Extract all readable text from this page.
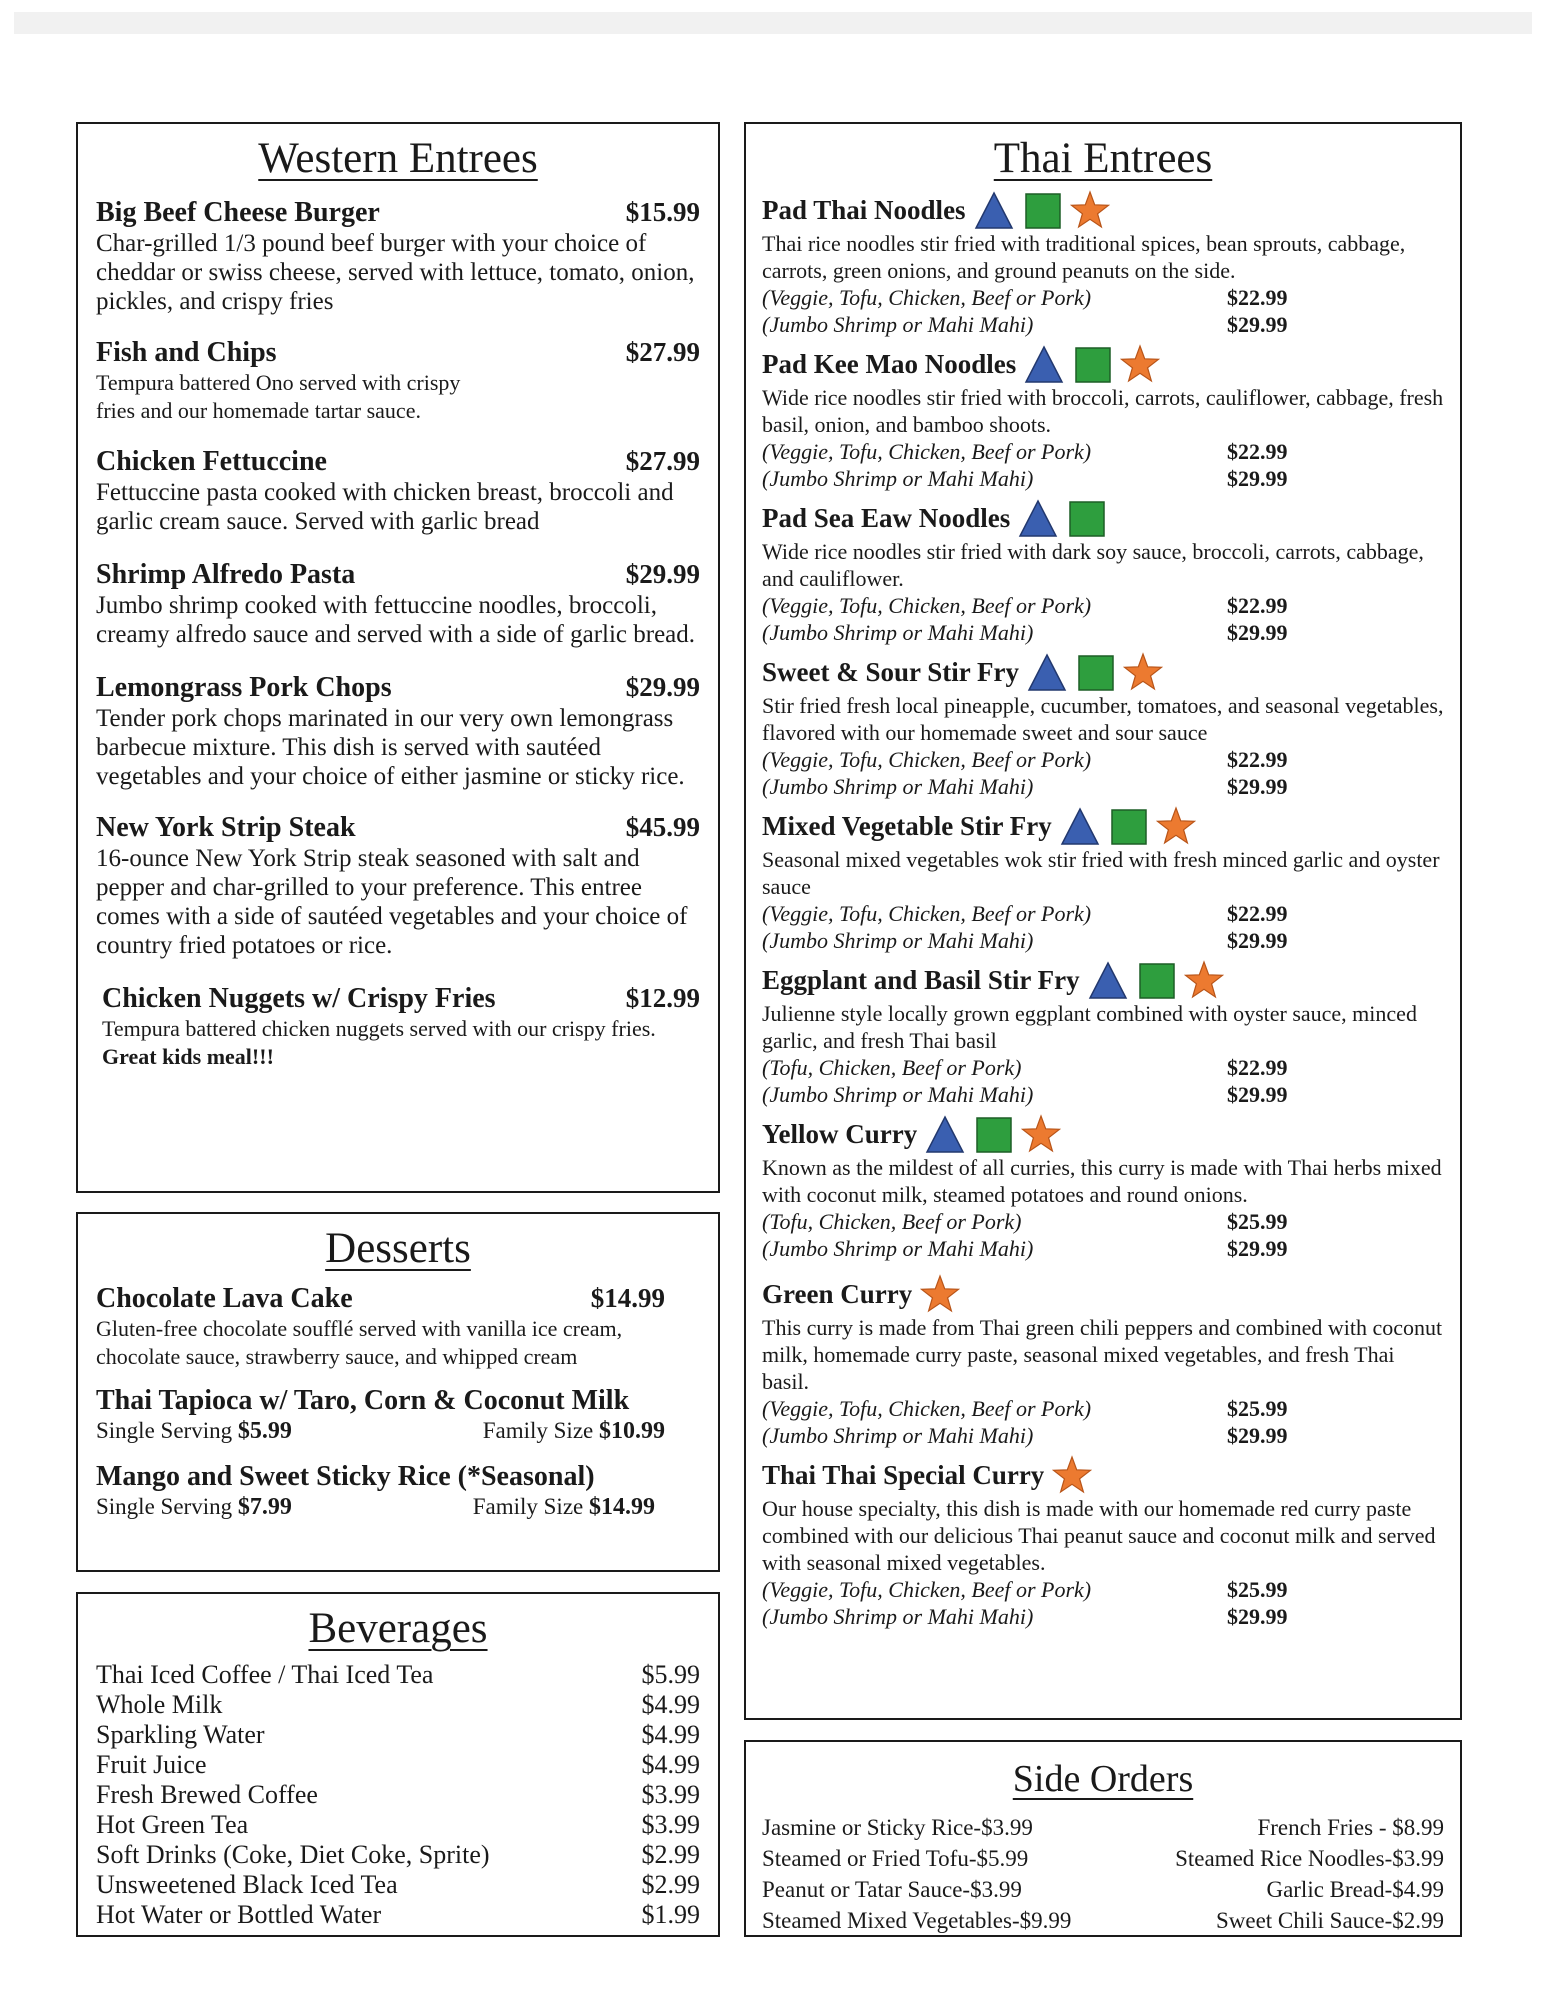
Western Entrees
Big Beef Cheese Burger	$15.99
Char-grilled 1/3 pound beef burger with your choice of cheddar or swiss cheese, served with lettuce, tomato, onion, pickles, and crispy fries
Fish and Chips	$27.99
Tempura battered Ono served with crispy fries and our homemade tartar sauce.
Chicken Fettuccine	$27.99
Fettuccine pasta cooked with chicken breast, broccoli and garlic cream sauce. Served with garlic bread
Shrimp Alfredo Pasta	$29.99
Jumbo shrimp cooked with fettuccine noodles, broccoli, creamy alfredo sauce and served with a side of garlic bread.
Lemongrass Pork Chops	$29.99
Tender pork chops marinated in our very own lemongrass barbecue mixture. This dish is served with sautéed vegetables and your choice of either jasmine or sticky rice.
New York Strip Steak	$45.99
16-ounce New York Strip steak seasoned with salt and pepper and char-grilled to your preference. This entree comes with a side of sautéed vegetables and your choice of country fried potatoes or rice.
Chicken Nuggets w/ Crispy Fries	$12.99
Tempura battered chicken nuggets served with our crispy fries. Great kids meal!!!
Desserts
Chocolate Lava Cake	$14.99
Gluten-free chocolate soufflé served with vanilla ice cream, chocolate sauce, strawberry sauce, and whipped cream
Thai Tapioca w/ Taro, Corn & Coconut Milk
Single Serving $5.99	Family Size $10.99
Mango and Sweet Sticky Rice (*Seasonal)
Single Serving $7.99	Family Size $14.99
Beverages
Thai Iced Coffee / Thai Iced Tea	$5.99
Whole Milk	$4.99
Sparkling Water	$4.99
Fruit Juice	$4.99
Fresh Brewed Coffee	$3.99
Hot Green Tea	$3.99
Soft Drinks (Coke, Diet Coke, Sprite)	$2.99
Unsweetened Black Iced Tea	$2.99
Hot Water or Bottled Water	$1.99
Thai Entrees
Pad Thai Noodles
Thai rice noodles stir fried with traditional spices, bean sprouts, cabbage, carrots, green onions, and ground peanuts on the side.
(Veggie, Tofu, Chicken, Beef or Pork)	$22.99
(Jumbo Shrimp or Mahi Mahi)	$29.99
Pad Kee Mao Noodles
Wide rice noodles stir fried with broccoli, carrots, cauliflower, cabbage, fresh basil, onion, and bamboo shoots.
(Veggie, Tofu, Chicken, Beef or Pork)	$22.99
(Jumbo Shrimp or Mahi Mahi)	$29.99
Pad Sea Eaw Noodles
Wide rice noodles stir fried with dark soy sauce, broccoli, carrots, cabbage, and cauliflower.
(Veggie, Tofu, Chicken, Beef or Pork)	$22.99
(Jumbo Shrimp or Mahi Mahi)	$29.99
Sweet & Sour Stir Fry
Stir fried fresh local pineapple, cucumber, tomatoes, and seasonal vegetables, flavored with our homemade sweet and sour sauce
(Veggie, Tofu, Chicken, Beef or Pork)	$22.99
(Jumbo Shrimp or Mahi Mahi)	$29.99
Mixed Vegetable Stir Fry
Seasonal mixed vegetables wok stir fried with fresh minced garlic and oyster sauce
(Veggie, Tofu, Chicken, Beef or Pork)	$22.99
(Jumbo Shrimp or Mahi Mahi)	$29.99
Eggplant and Basil Stir Fry
Julienne style locally grown eggplant combined with oyster sauce, minced garlic, and fresh Thai basil
(Tofu, Chicken, Beef or Pork)	$22.99
(Jumbo Shrimp or Mahi Mahi)	$29.99
Yellow Curry
Known as the mildest of all curries, this curry is made with Thai herbs mixed with coconut milk, steamed potatoes and round onions.
(Tofu, Chicken, Beef or Pork)	$25.99
(Jumbo Shrimp or Mahi Mahi)	$29.99
Green Curry
This curry is made from Thai green chili peppers and combined with coconut milk, homemade curry paste, seasonal mixed vegetables, and fresh Thai basil.
(Veggie, Tofu, Chicken, Beef or Pork)	$25.99
(Jumbo Shrimp or Mahi Mahi)	$29.99
Thai Thai Special Curry
Our house specialty, this dish is made with our homemade red curry paste combined with our delicious Thai peanut sauce and coconut milk and served with seasonal mixed vegetables.
(Veggie, Tofu, Chicken, Beef or Pork)	$25.99
(Jumbo Shrimp or Mahi Mahi)	$29.99
Side Orders
Jasmine or Sticky Rice-$3.99	French Fries - $8.99
Steamed or Fried Tofu-$5.99	Steamed Rice Noodles-$3.99
Peanut or Tatar Sauce-$3.99	Garlic Bread-$4.99
Steamed Mixed Vegetables-$9.99	Sweet Chili Sauce-$2.99
